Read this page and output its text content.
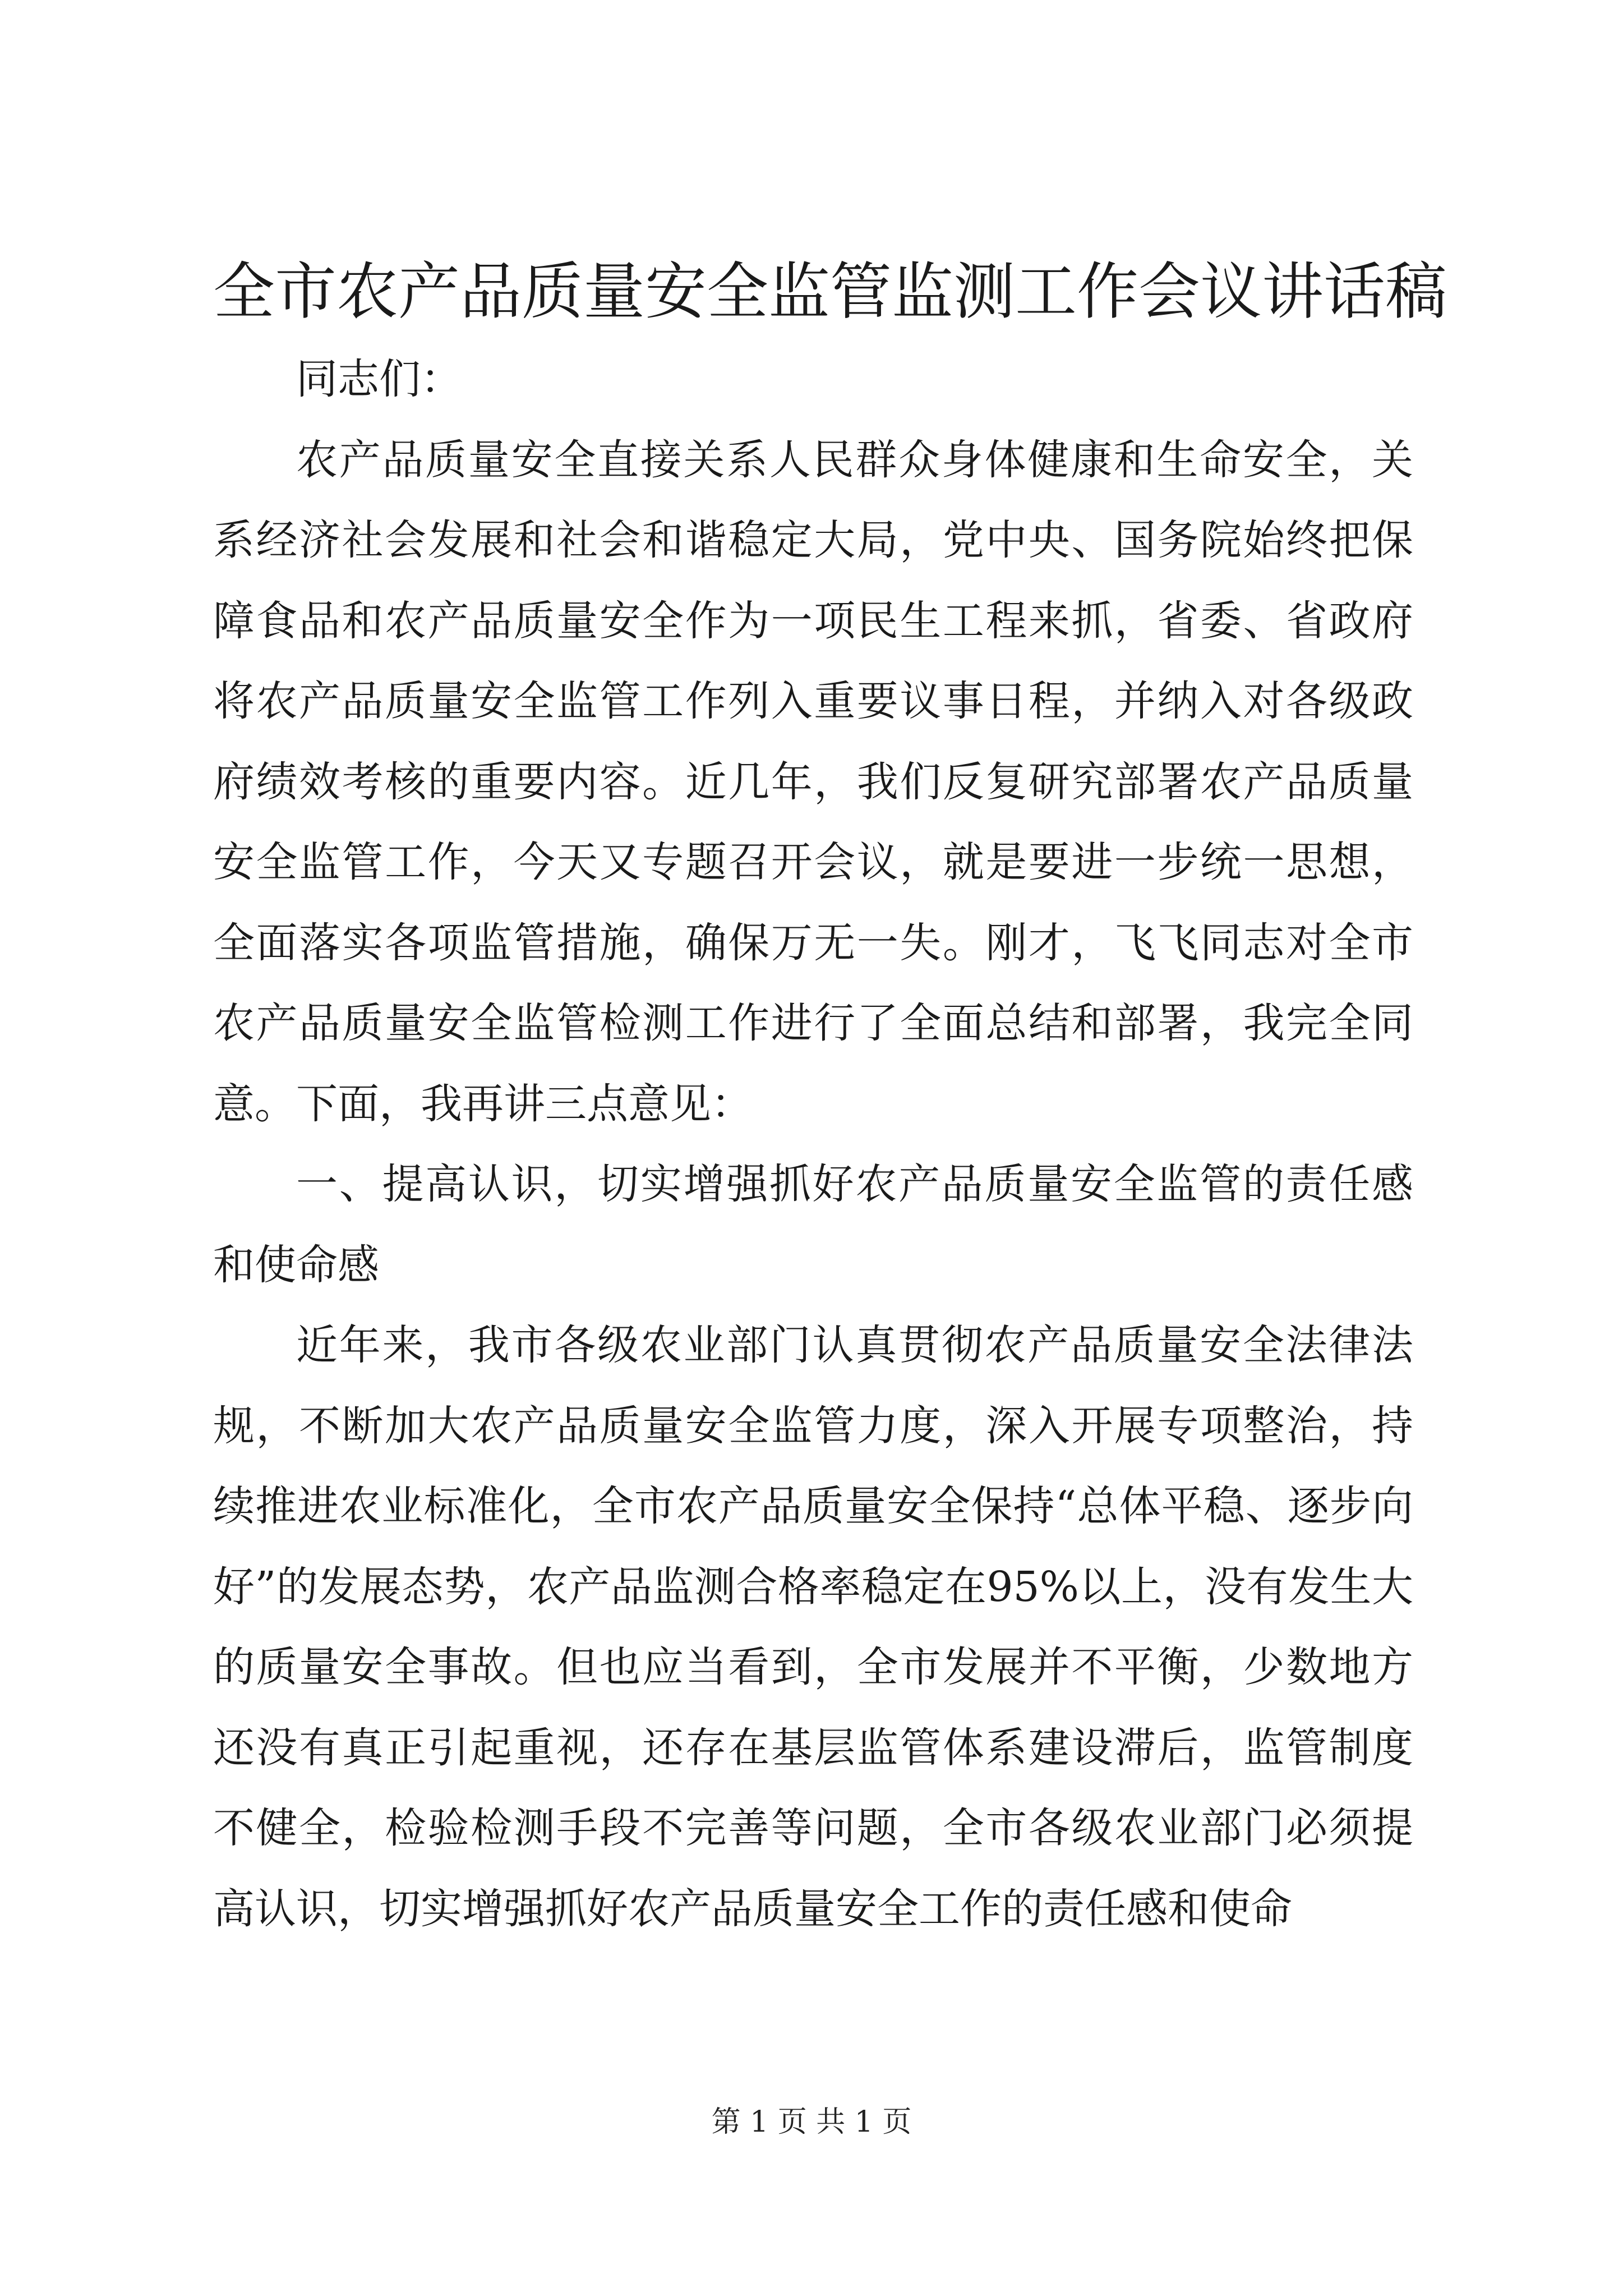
全市农产品质量安全监管监测工作会议讲话稿

同志们：

农产品质量安全直接关系人民群众身体健康和生命安全，关系经济社会发展和社会和谐稳定大局，党中央、国务院始终把保障食品和农产品质量安全作为一项民生工程来抓，省委、省政府将农产品质量安全监管工作列入重要议事日程，并纳入对各级政府绩效考核的重要内容。近几年，我们反复研究部署农产品质量安全监管工作，今天又专题召开会议，就是要进一步统一思想，全面落实各项监管措施，确保万无一失。刚才，飞飞同志对全市农产品质量安全监管检测工作进行了全面总结和部署，我完全同意。下面，我再讲三点意见：

一、提高认识，切实增强抓好农产品质量安全监管的责任感和使命感

近年来，我市各级农业部门认真贯彻农产品质量安全法律法规，不断加大农产品质量安全监管力度，深入开展专项整治，持续推进农业标准化，全市农产品质量安全保持“总体平稳、逐步向好”的发展态势，农产品监测合格率稳定在95%以上，没有发生大的质量安全事故。但也应当看到，全市发展并不平衡，少数地方还没有真正引起重视，还存在基层监管体系建设滞后，监管制度不健全，检验检测手段不完善等问题，全市各级农业部门必须提高认识，切实增强抓好农产品质量安全工作的责任感和使命

第 1 页 共 1 页
